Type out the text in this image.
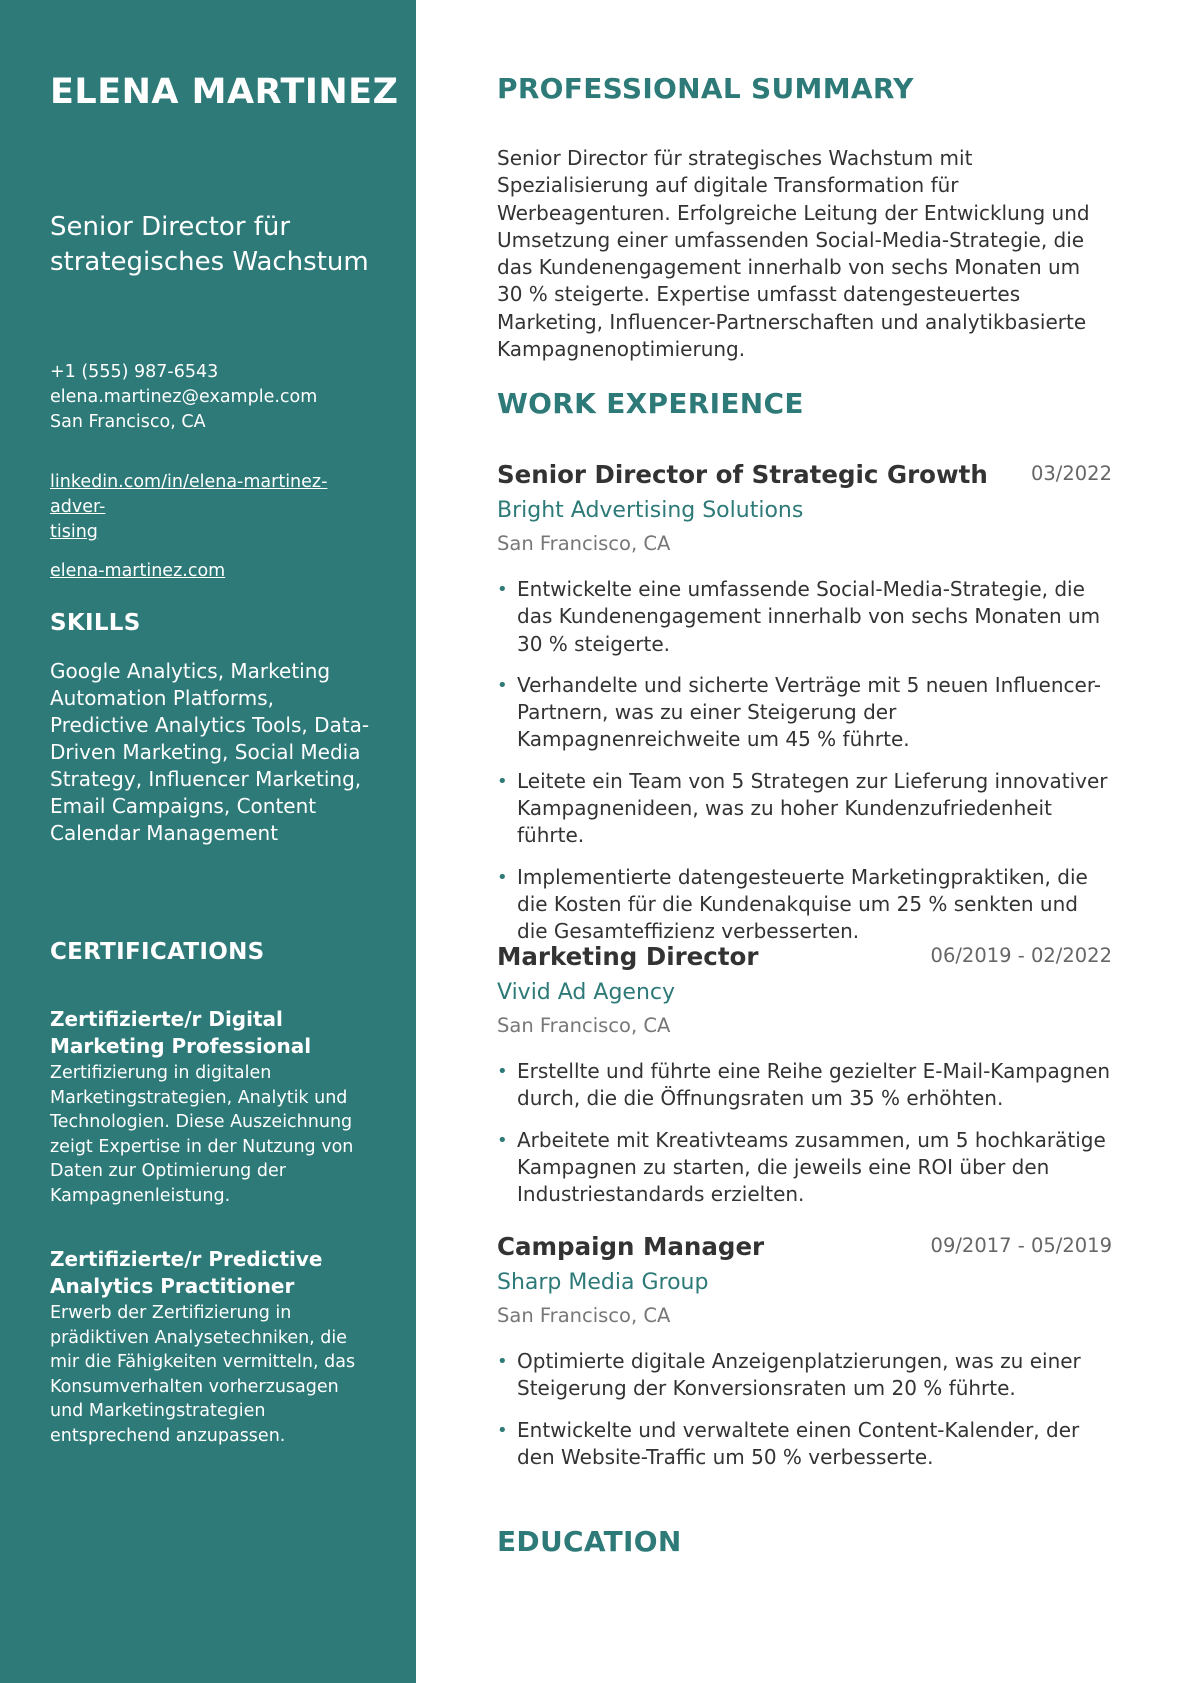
ELENA MARTINEZ
Senior Director für strategisches Wachstum
+1 (555) 987-6543
elena.martinez@example.com
San Francisco, CA
linkedin.com/in/elena-martinez-adver-
tising
elena-martinez.com
SKILLS
Google Analytics, Marketing Automation Platforms, Predictive Analytics Tools, Data-Driven Marketing, Social Media Strategy, Influencer Marketing, Email Campaigns, Content Calendar Management
CERTIFICATIONS
Zertifizierte/r Digital Marketing Professional
Zertifizierung in digitalen Marketingstrategien, Analytik und Technologien. Diese Auszeichnung zeigt Expertise in der Nutzung von Daten zur Optimierung der Kampagnenleistung.
Zertifizierte/r Predictive Analytics Practitioner
Erwerb der Zertifizierung in prädiktiven Analysetechniken, die mir die Fähigkeiten vermitteln, das Konsumverhalten vorherzusagen und Marketingstrategien entsprechend anzupassen.
PROFESSIONAL SUMMARY

Senior Director für strategisches Wachstum mit Spezialisierung auf digitale Transformation für Werbeagenturen. Erfolgreiche Leitung der Entwicklung und Umsetzung einer umfassenden Social-Media-Strategie, die das Kundenengagement innerhalb von sechs Monaten um 30 % steigerte. Expertise umfasst datengesteuertes Marketing, Influencer-Partnerschaften und analytikbasierte Kampagnenoptimierung.

WORK EXPERIENCE
Senior Director of Strategic Growth 03/2022
Bright Advertising Solutions
San Francisco, CA
• Entwickelte eine umfassende Social-Media-Strategie, die das Kundenengagement innerhalb von sechs Monaten um 30 % steigerte.
• Verhandelte und sicherte Verträge mit 5 neuen Influencer-Partnern, was zu einer Steigerung der Kampagnenreichweite um 45 % führte.
• Leitete ein Team von 5 Strategen zur Lieferung innovativer Kampagnenideen, was zu hoher Kundenzufriedenheit führte.
• Implementierte datengesteuerte Marketingpraktiken, die die Kosten für die Kundenakquise um 25 % senkten und die Gesamteffizienz verbesserten.
Marketing Director	06/2019 - 02/2022
Vivid Ad Agency
San Francisco, CA
• Erstellte und führte eine Reihe gezielter E-Mail-Kampagnen durch, die die Öffnungsraten um 35 % erhöhten.
• Arbeitete mit Kreativteams zusammen, um 5 hochkarätige Kampagnen zu starten, die jeweils eine ROI über den Industriestandards erzielten.
Campaign Manager	09/2017 - 05/2019
Sharp Media Group
San Francisco, CA
• Optimierte digitale Anzeigenplatzierungen, was zu einer Steigerung der Konversionsraten um 20 % führte.
• Entwickelte und verwaltete einen Content-Kalender, der den Website-Traffic um 50 % verbesserte.
EDUCATION
